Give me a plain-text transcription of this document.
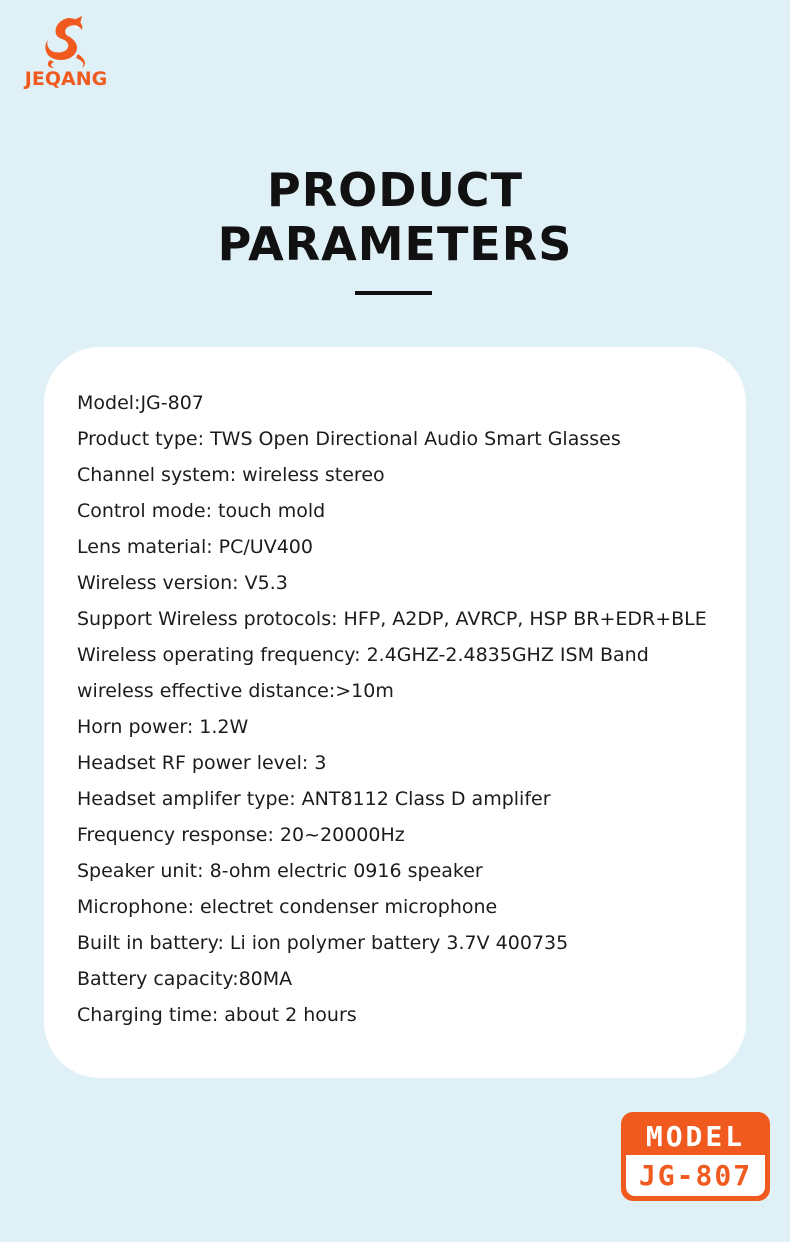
JEQANG
PRODUCT
PARAMETERS
Model:JG-807
Product type: TWS Open Directional Audio Smart Glasses
Channel system: wireless stereo
Control mode: touch mold
Lens material: PC/UV400
Wireless version: V5.3
Support Wireless protocols: HFP, A2DP, AVRCP, HSP BR+EDR+BLE
Wireless operating frequency: 2.4GHZ-2.4835GHZ ISM Band
wireless effective distance:>10m
Horn power: 1.2W
Headset RF power level: 3
Headset amplifer type: ANT8112 Class D amplifer
Frequency response: 20~20000Hz
Speaker unit: 8-ohm electric 0916 speaker
Microphone: electret condenser microphone
Built in battery: Li ion polymer battery 3.7V 400735
Battery capacity:80MA
Charging time: about 2 hours
MODEL
JG-807
